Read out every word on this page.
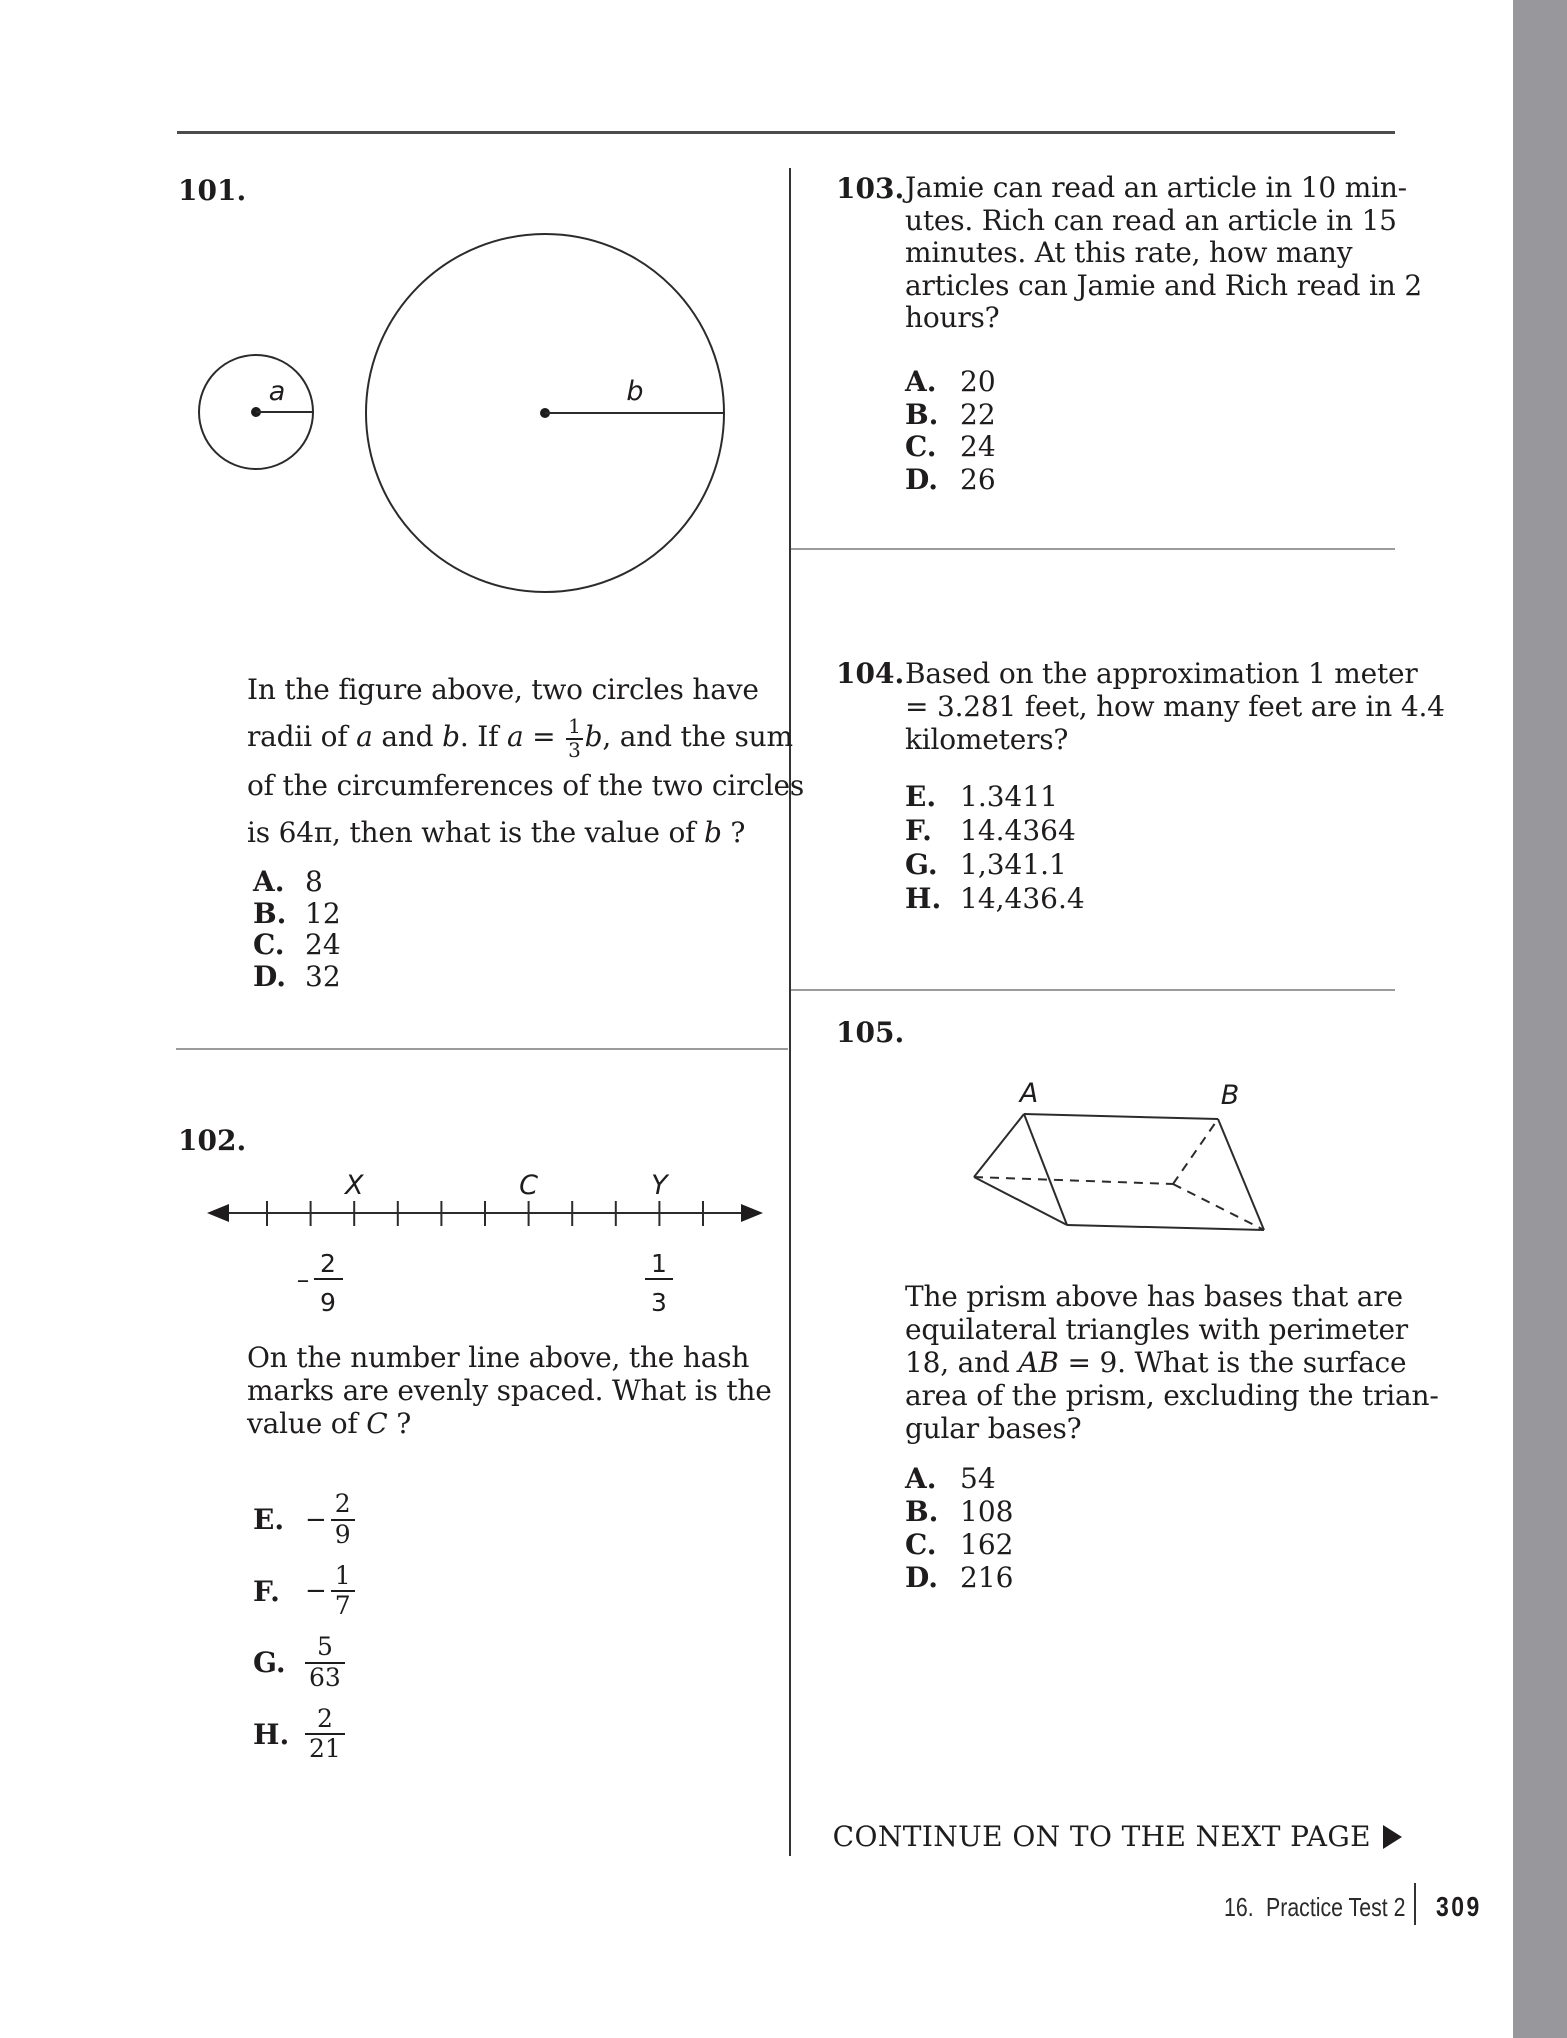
101.
a	b
In the figure above, two circles have
radii of a and b. If $a = \frac{1}{3} b$, and the sum
of the circumferences of the two circles
is 64π, then what is the value of b ?
A. 8
B. 12
C. 24
D. 32
102.
X	C	Y
–
2
9
1
3
On the number line above, the hash
marks are evenly spaced. What is the
value of C ?
E. − $\frac{2}{9}$
F. − $\frac{1}{7}$
G. $\frac{5}{63}$
H. $\frac{2}{21}$
103. Jamie can read an article in 10 min-
utes. Rich can read an article in 15
minutes. At this rate, how many
articles can Jamie and Rich read in 2
hours?
A. 20
B. 22
C. 24
D. 26
104. Based on the approximation 1 meter
= 3.281 feet, how many feet are in 4.4
kilometers?
E. 1.3411
F. 14.4364
G. 1,341.1
H. 14,436.4
105.
A	B
The prism above has bases that are
equilateral triangles with perimeter
18, and AB = 9. What is the surface
area of the prism, excluding the trian-
gular bases?
A. 54
B. 108
C. 162
D. 216
CONTINUE ON TO THE NEXT PAGE
16. Practice Test 2 309
